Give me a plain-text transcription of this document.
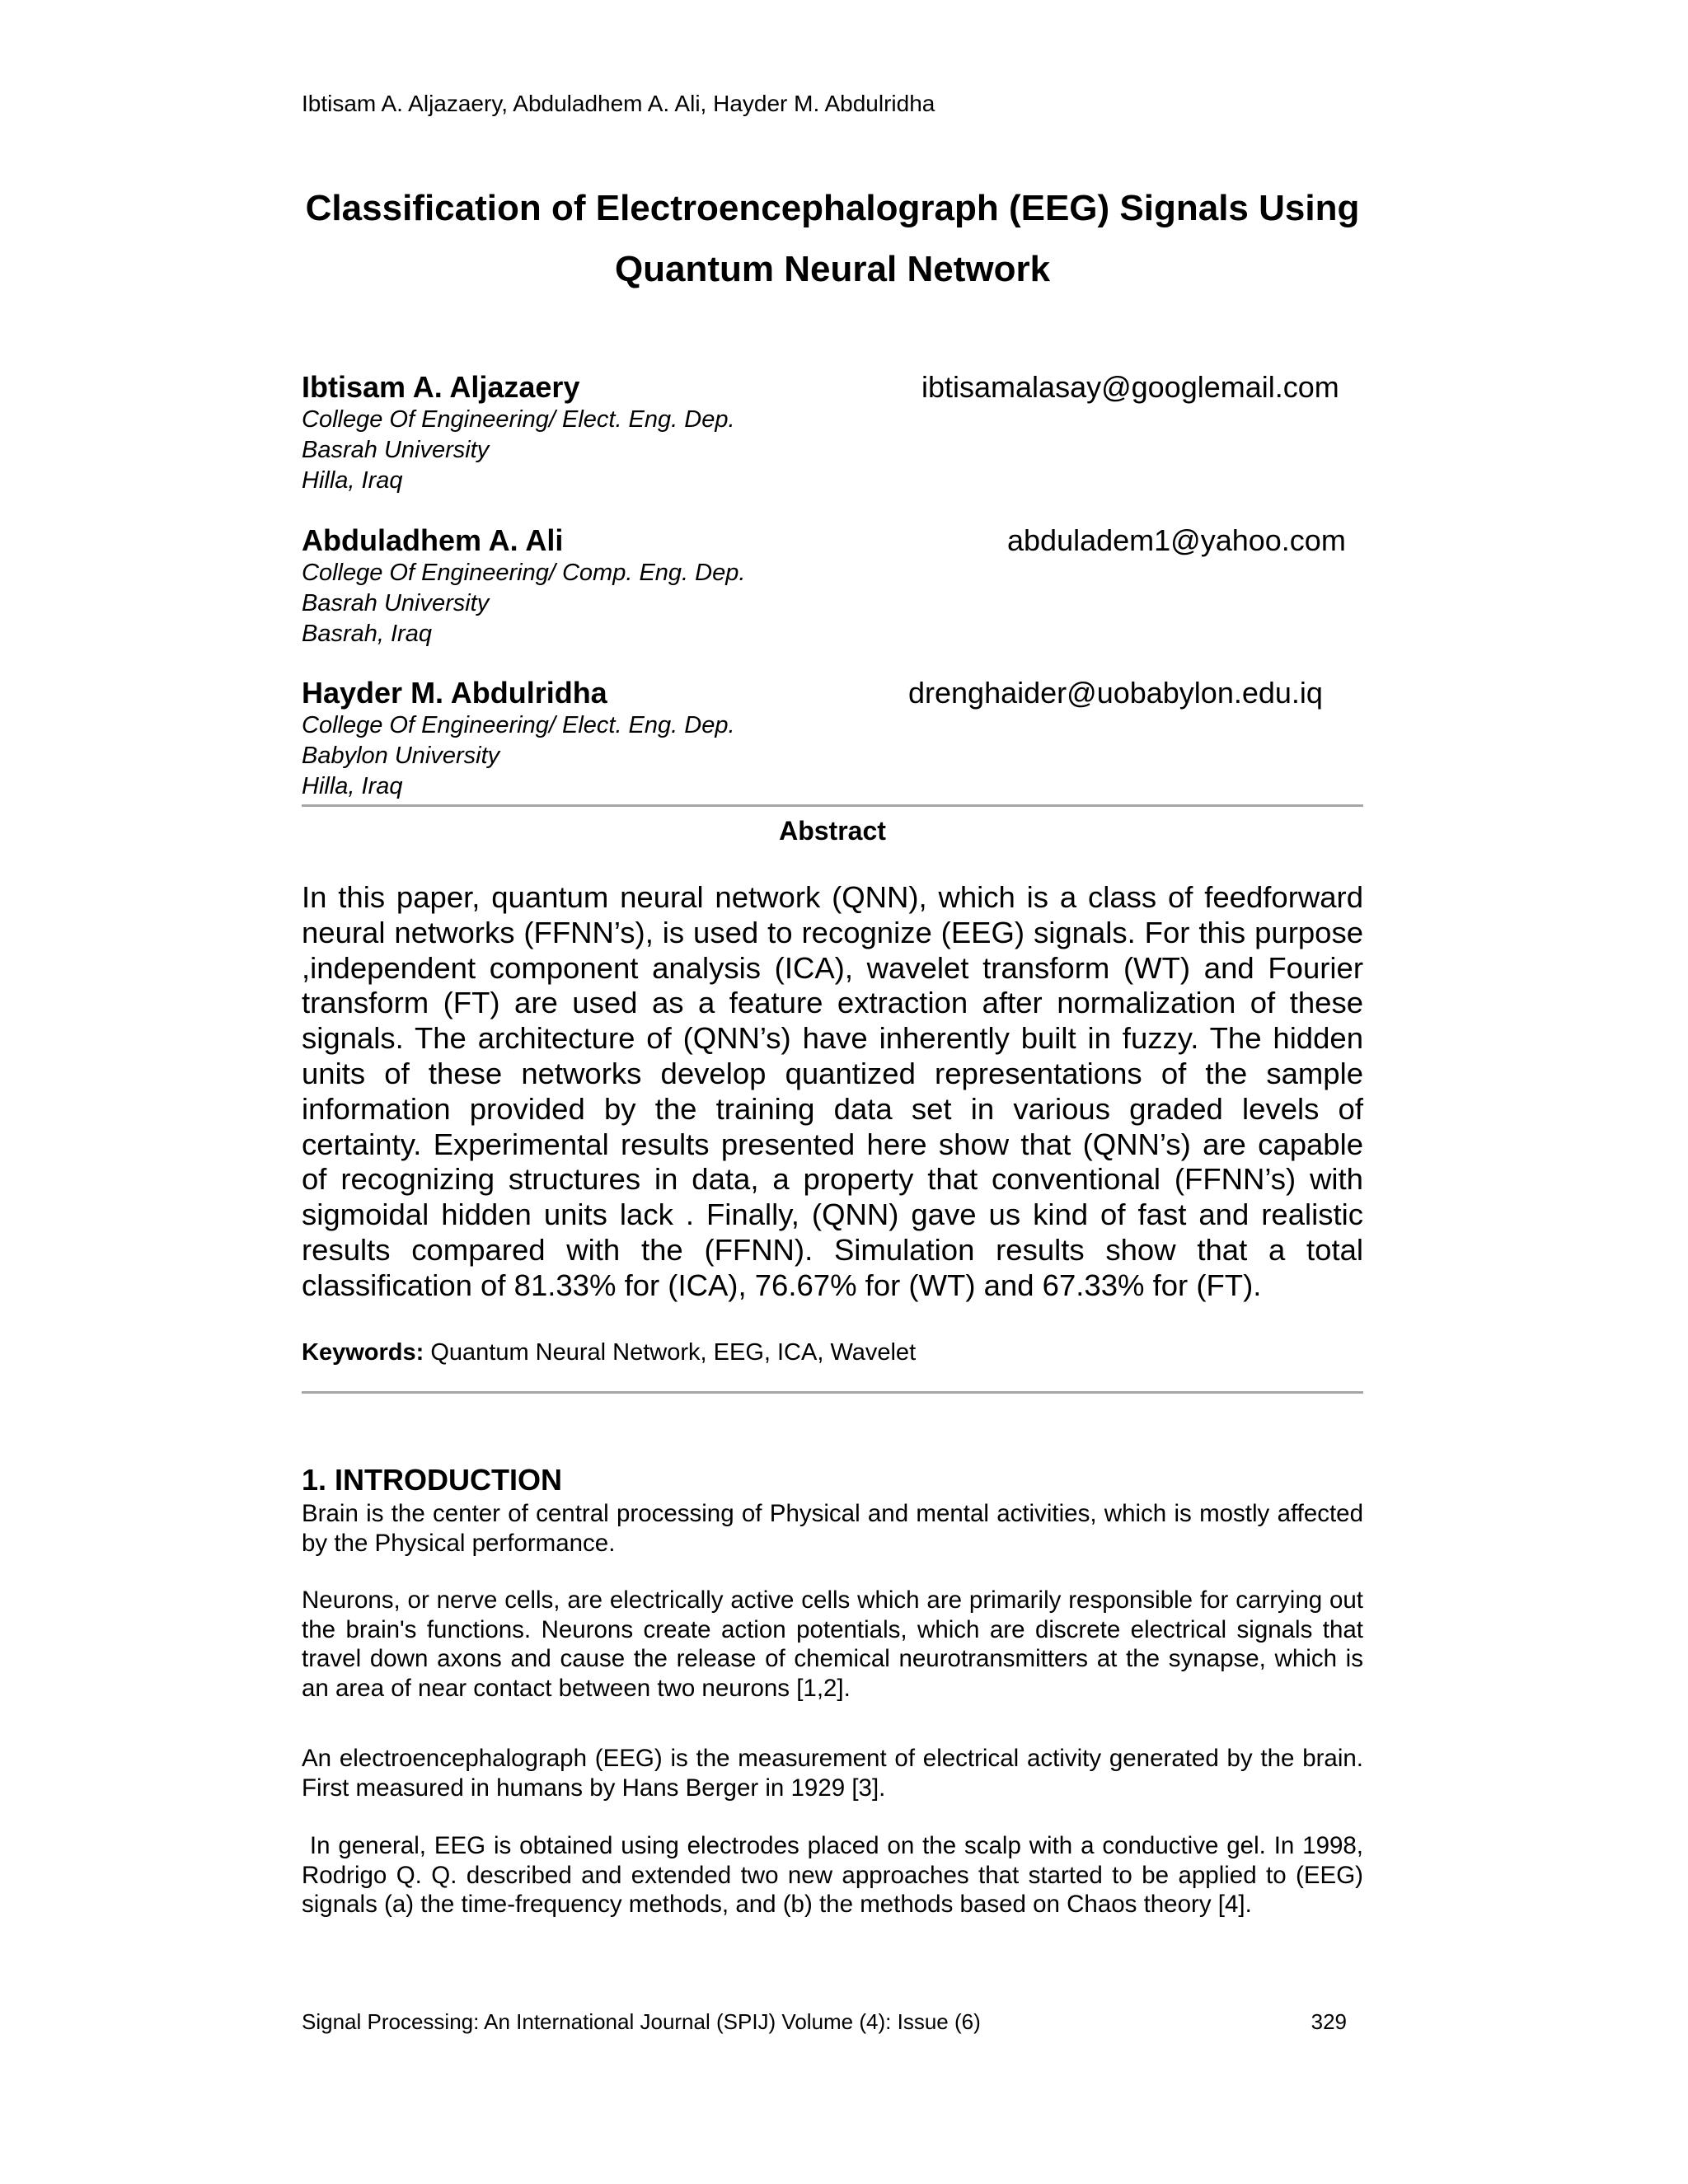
Ibtisam A. Aljazaery, Abduladhem A. Ali, Hayder M. Abdulridha
Classification of Electroencephalograph (EEG) Signals Using
Quantum Neural Network
Ibtisam A. Aljazaery	ibtisamalasay@googlemail.com
College Of Engineering/ Elect. Eng. Dep.
Basrah University
Hilla, Iraq
Abduladhem A. Ali	abduladem1@yahoo.com
College Of Engineering/ Comp. Eng. Dep.
Basrah University
Basrah, Iraq
Hayder M. Abdulridha	drenghaider@uobabylon.edu.iq
College Of Engineering/ Elect. Eng. Dep.
Babylon University
Hilla, Iraq
Abstract
In this paper, quantum neural network (QNN), which is a class of feedforward neural networks (FFNN’s), is used to recognize (EEG) signals. For this purpose ,independent component analysis (ICA), wavelet transform (WT) and Fourier transform (FT) are used as a feature extraction after normalization of these signals. The architecture of (QNN’s) have inherently built in fuzzy. The hidden units of these networks develop quantized representations of the sample information provided by the training data set in various graded levels of certainty. Experimental results presented here show that (QNN’s) are capable of recognizing structures in data, a property that conventional (FFNN’s) with sigmoidal hidden units lack . Finally, (QNN) gave us kind of fast and realistic results compared with the (FFNN). Simulation results show that a total classification of 81.33% for (ICA), 76.67% for (WT) and 67.33% for (FT).
Keywords: Quantum Neural Network, EEG, ICA, Wavelet
1. INTRODUCTION
Brain is the center of central processing of Physical and mental activities, which is mostly affected by the Physical performance.
Neurons, or nerve cells, are electrically active cells which are primarily responsible for carrying out the brain's functions. Neurons create action potentials, which are discrete electrical signals that travel down axons and cause the release of chemical neurotransmitters at the synapse, which is an area of near contact between two neurons [1,2].
An electroencephalograph (EEG) is the measurement of electrical activity generated by the brain. First measured in humans by Hans Berger in 1929 [3].
In general, EEG is obtained using electrodes placed on the scalp with a conductive gel. In 1998, Rodrigo Q. Q. described and extended two new approaches that started to be applied to (EEG) signals (a) the time-frequency methods, and (b) the methods based on Chaos theory [4].
Signal Processing: An International Journal (SPIJ) Volume (4): Issue (6)	329
